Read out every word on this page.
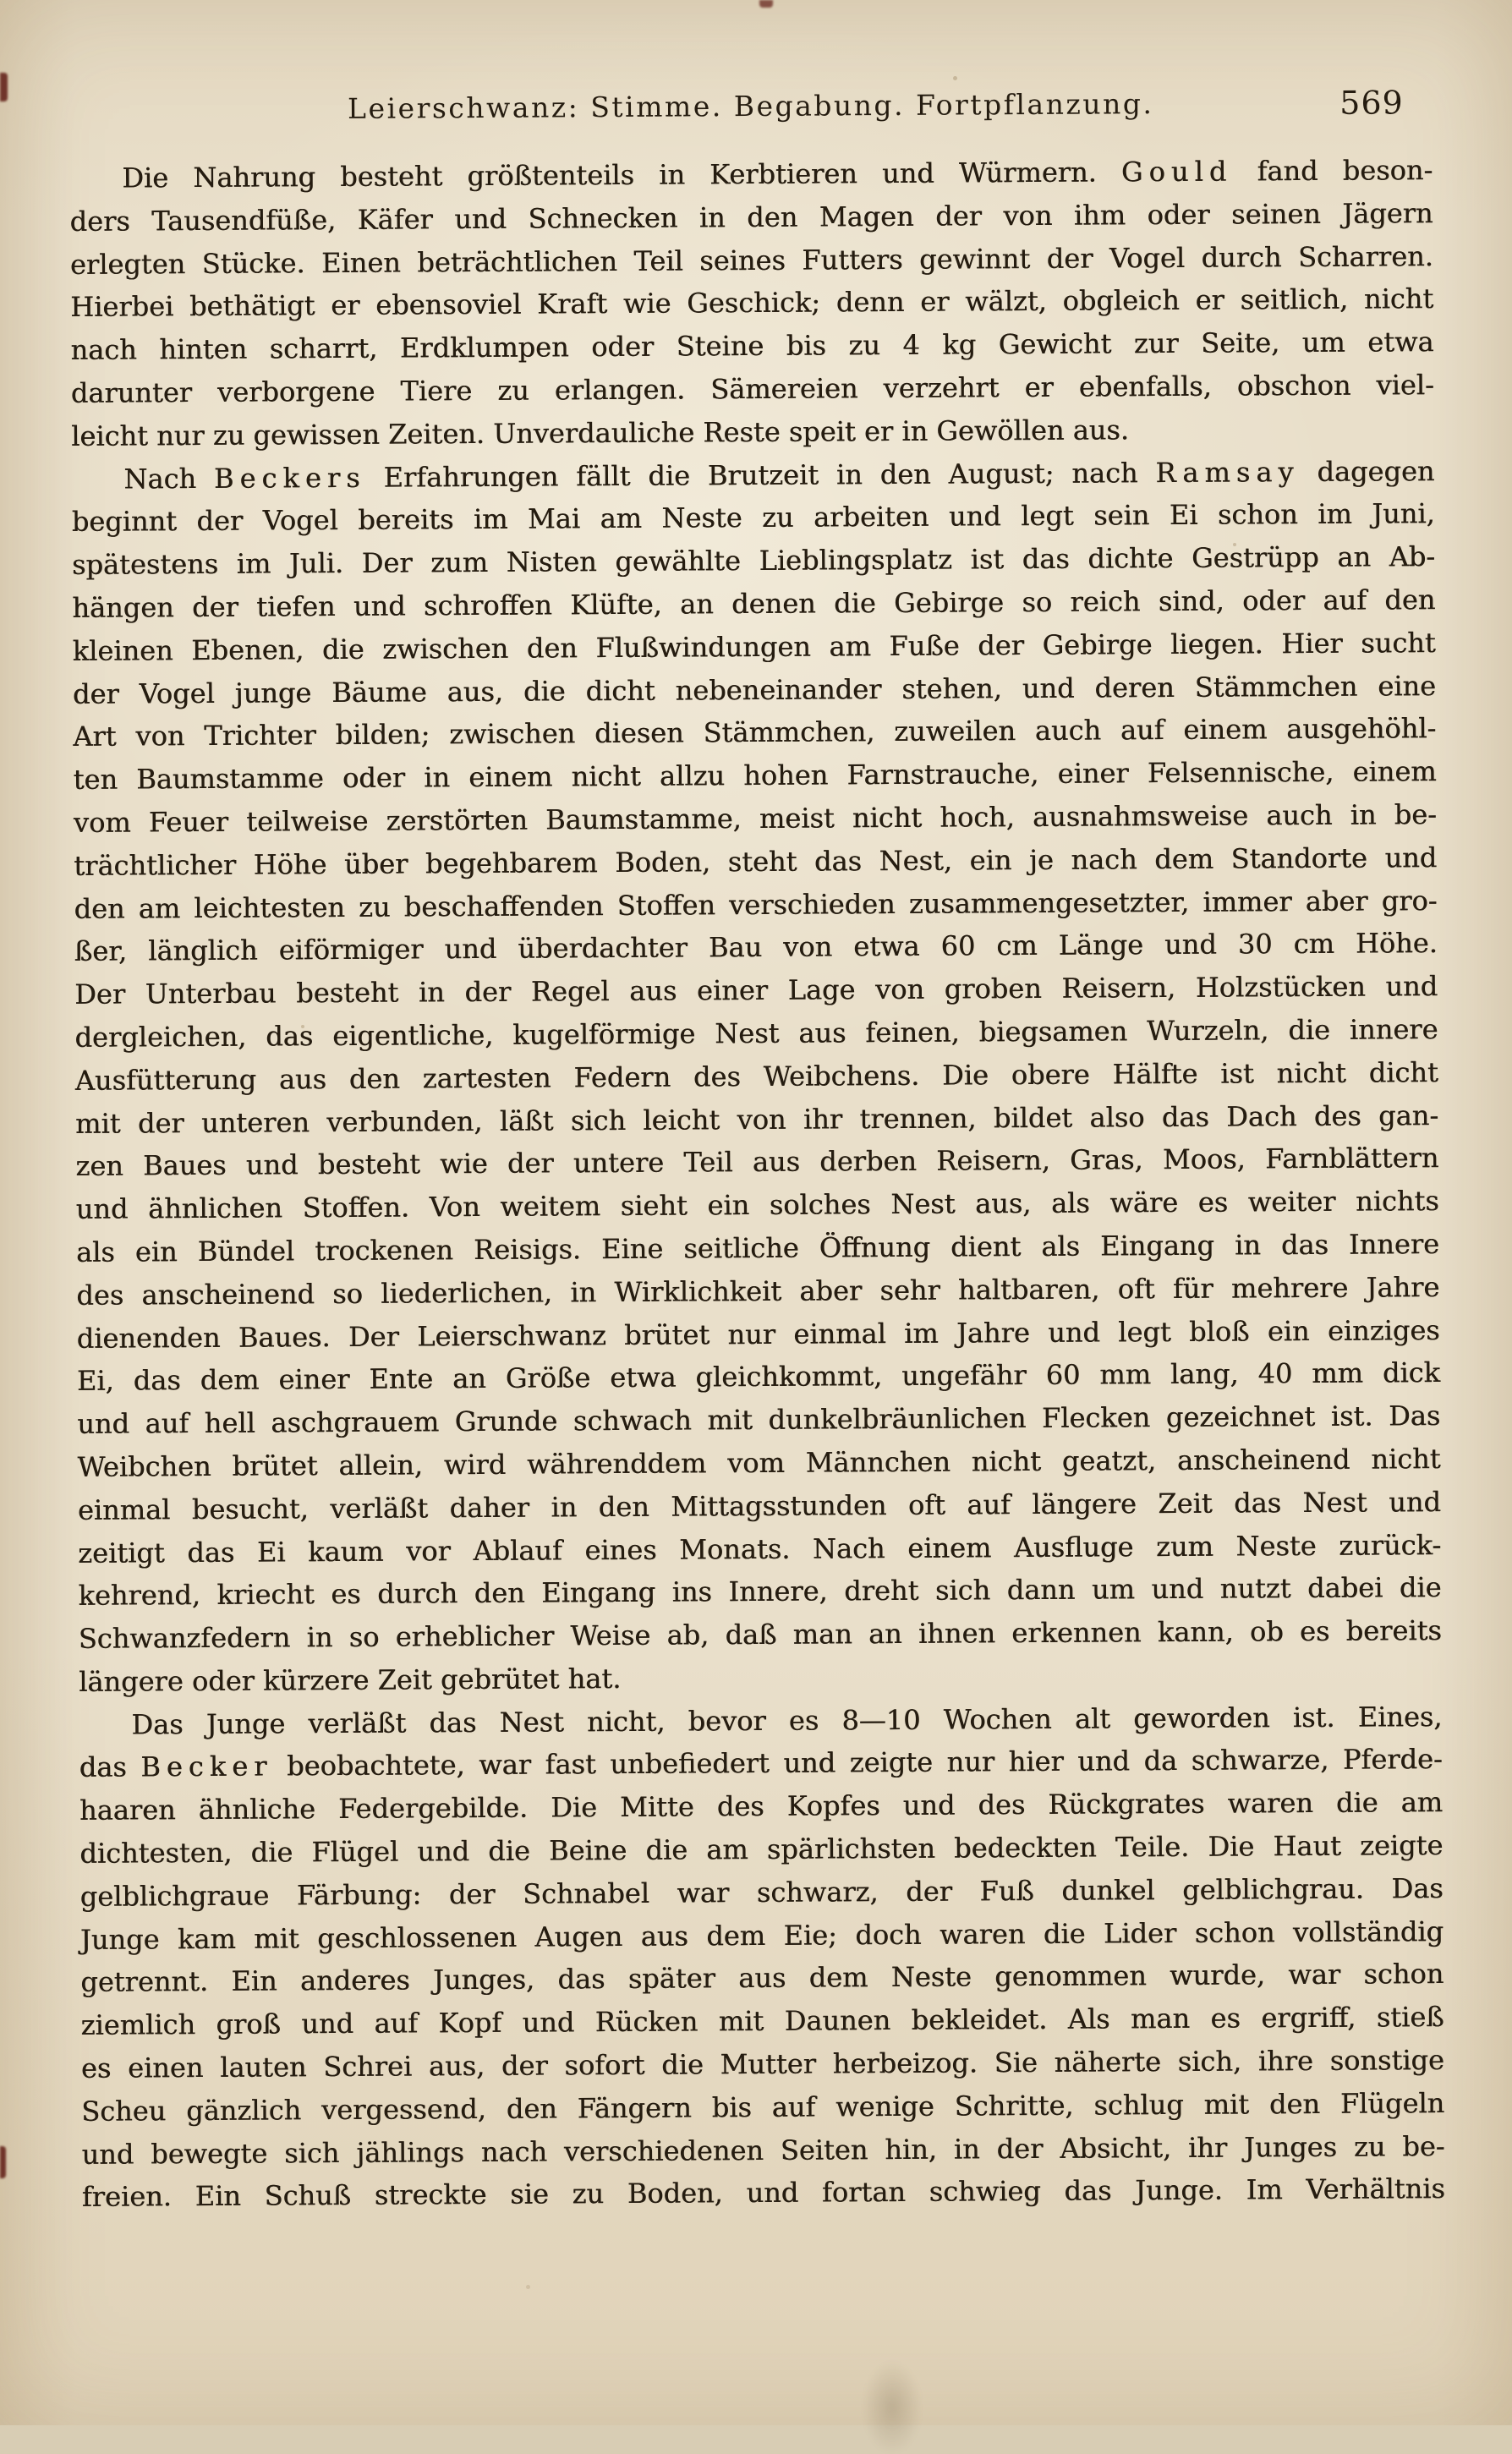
Leierschwanz: Stimme. Begabung. Fortpflanzung.	569
Die Nahrung besteht größtenteils in Kerbtieren und Würmern. Gould fand beson-
ders Tausendfüße, Käfer und Schnecken in den Magen der von ihm oder seinen Jägern
erlegten Stücke. Einen beträchtlichen Teil seines Futters gewinnt der Vogel durch Scharren.
Hierbei bethätigt er ebensoviel Kraft wie Geschick; denn er wälzt, obgleich er seitlich, nicht
nach hinten scharrt, Erdklumpen oder Steine bis zu 4 kg Gewicht zur Seite, um etwa
darunter verborgene Tiere zu erlangen. Sämereien verzehrt er ebenfalls, obschon viel-
leicht nur zu gewissen Zeiten. Unverdauliche Reste speit er in Gewöllen aus.
Nach Beckers Erfahrungen fällt die Brutzeit in den August; nach Ramsay dagegen
beginnt der Vogel bereits im Mai am Neste zu arbeiten und legt sein Ei schon im Juni,
spätestens im Juli. Der zum Nisten gewählte Lieblingsplatz ist das dichte Gestrüpp an Ab-
hängen der tiefen und schroffen Klüfte, an denen die Gebirge so reich sind, oder auf den
kleinen Ebenen, die zwischen den Flußwindungen am Fuße der Gebirge liegen. Hier sucht
der Vogel junge Bäume aus, die dicht nebeneinander stehen, und deren Stämmchen eine
Art von Trichter bilden; zwischen diesen Stämmchen, zuweilen auch auf einem ausgehöhl-
ten Baumstamme oder in einem nicht allzu hohen Farnstrauche, einer Felsennische, einem
vom Feuer teilweise zerstörten Baumstamme, meist nicht hoch, ausnahmsweise auch in be-
trächtlicher Höhe über begehbarem Boden, steht das Nest, ein je nach dem Standorte und
den am leichtesten zu beschaffenden Stoffen verschieden zusammengesetzter, immer aber gro-
ßer, länglich eiförmiger und überdachter Bau von etwa 60 cm Länge und 30 cm Höhe.
Der Unterbau besteht in der Regel aus einer Lage von groben Reisern, Holzstücken und
dergleichen, das eigentliche, kugelförmige Nest aus feinen, biegsamen Wurzeln, die innere
Ausfütterung aus den zartesten Federn des Weibchens. Die obere Hälfte ist nicht dicht
mit der unteren verbunden, läßt sich leicht von ihr trennen, bildet also das Dach des gan-
zen Baues und besteht wie der untere Teil aus derben Reisern, Gras, Moos, Farnblättern
und ähnlichen Stoffen. Von weitem sieht ein solches Nest aus, als wäre es weiter nichts
als ein Bündel trockenen Reisigs. Eine seitliche Öffnung dient als Eingang in das Innere
des anscheinend so liederlichen, in Wirklichkeit aber sehr haltbaren, oft für mehrere Jahre
dienenden Baues. Der Leierschwanz brütet nur einmal im Jahre und legt bloß ein einziges
Ei, das dem einer Ente an Größe etwa gleichkommt, ungefähr 60 mm lang, 40 mm dick
und auf hell aschgrauem Grunde schwach mit dunkelbräunlichen Flecken gezeichnet ist. Das
Weibchen brütet allein, wird währenddem vom Männchen nicht geatzt, anscheinend nicht
einmal besucht, verläßt daher in den Mittagsstunden oft auf längere Zeit das Nest und
zeitigt das Ei kaum vor Ablauf eines Monats. Nach einem Ausfluge zum Neste zurück-
kehrend, kriecht es durch den Eingang ins Innere, dreht sich dann um und nutzt dabei die
Schwanzfedern in so erheblicher Weise ab, daß man an ihnen erkennen kann, ob es bereits
längere oder kürzere Zeit gebrütet hat.
Das Junge verläßt das Nest nicht, bevor es 8—10 Wochen alt geworden ist. Eines,
das Becker beobachtete, war fast unbefiedert und zeigte nur hier und da schwarze, Pferde-
haaren ähnliche Federgebilde. Die Mitte des Kopfes und des Rückgrates waren die am
dichtesten, die Flügel und die Beine die am spärlichsten bedeckten Teile. Die Haut zeigte
gelblichgraue Färbung: der Schnabel war schwarz, der Fuß dunkel gelblichgrau. Das
Junge kam mit geschlossenen Augen aus dem Eie; doch waren die Lider schon vollständig
getrennt. Ein anderes Junges, das später aus dem Neste genommen wurde, war schon
ziemlich groß und auf Kopf und Rücken mit Daunen bekleidet. Als man es ergriff, stieß
es einen lauten Schrei aus, der sofort die Mutter herbeizog. Sie näherte sich, ihre sonstige
Scheu gänzlich vergessend, den Fängern bis auf wenige Schritte, schlug mit den Flügeln
und bewegte sich jählings nach verschiedenen Seiten hin, in der Absicht, ihr Junges zu be-
freien. Ein Schuß streckte sie zu Boden, und fortan schwieg das Junge. Im Verhältnis
